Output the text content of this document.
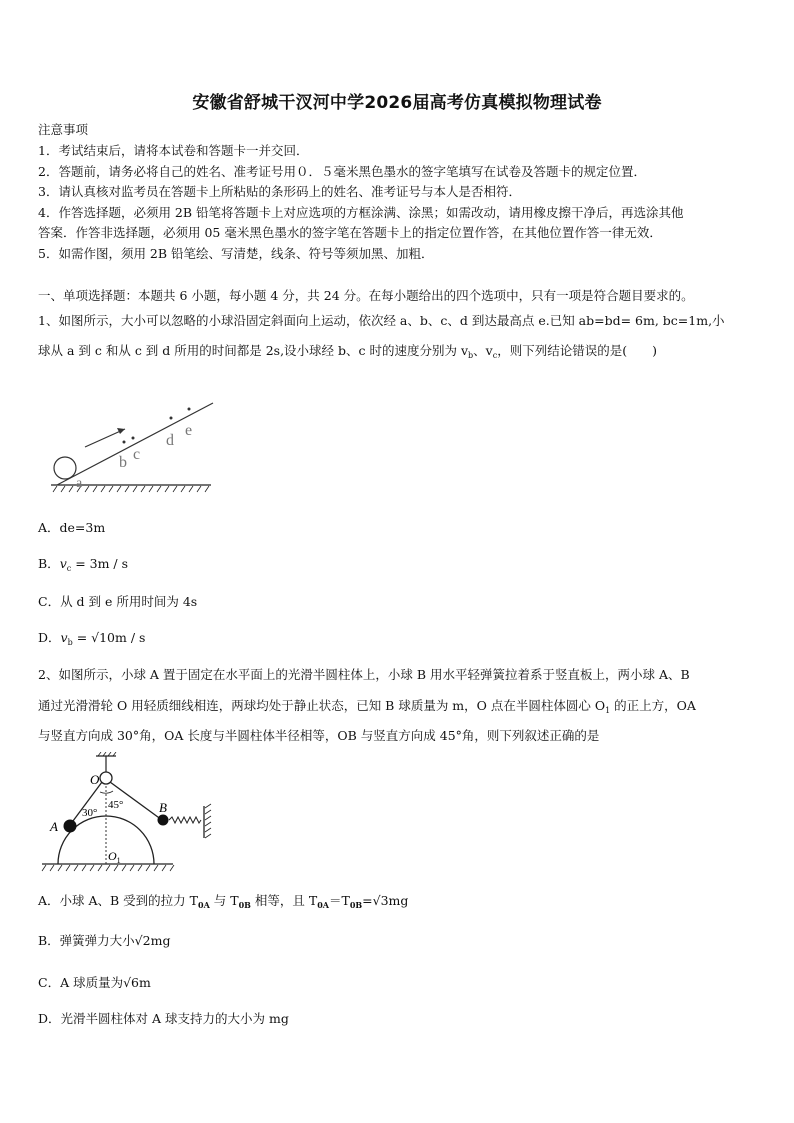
安徽省舒城干汊河中学2026届高考仿真模拟物理试卷
注意事项
1．考试结束后，请将本试卷和答题卡一并交回．
2．答题前，请务必将自己的姓名、准考证号用０．５毫米黑色墨水的签字笔填写在试卷及答题卡的规定位置．
3．请认真核对监考员在答题卡上所粘贴的条形码上的姓名、准考证号与本人是否相符．
4．作答选择题，必须用 2B 铅笔将答题卡上对应选项的方框涂满、涂黑；如需改动，请用橡皮擦干净后，再选涂其他
答案．作答非选择题，必须用 05 毫米黑色墨水的签字笔在答题卡上的指定位置作答，在其他位置作答一律无效．
5．如需作图，须用 2B 铅笔绘、写清楚，线条、符号等须加黑、加粗．
一、单项选择题：本题共 6 小题，每小题 4 分，共 24 分。在每小题给出的四个选项中，只有一项是符合题目要求的。
1、如图所示，大小可以忽略的小球沿固定斜面向上运动，依次经 a、b、c、d 到达最高点 e.已知 ab=bd= 6m, bc=1m,小
球从 a 到 c 和从 c 到 d 所用的时间都是 2s,设小球经 b、c 时的速度分别为 $v_b$、$v_c$，则下列结论错误的是(　　)
a
b c
d
e
A．de=3m
B．$v_c = 3m / s$
C．从 d 到 e 所用时间为 4s
D．$v_b = √10m / s$
2、如图所示，小球 A 置于固定在水平面上的光滑半圆柱体上，小球 B 用水平轻弹簧拉着系于竖直板上，两小球 A、B
通过光滑滑轮 O 用轻质细线相连，两球均处于静止状态，已知 B 球质量为 m，O 点在半圆柱体圆心 $O_1$ 的正上方，OA
与竖直方向成 30°角，OA 长度与半圆柱体半径相等，OB 与竖直方向成 45°角，则下列叙述正确的是
O
A
B
30°
45°
$O_1$
A．小球 A、B 受到的拉力 $T_{0A}$ 与 $T_{0B}$ 相等，且 $T_{0A}=T_{0B}=√3mg$
B．弹簧弹力大小√2mg
C．A 球质量为√6m
D．光滑半圆柱体对 A 球支持力的大小为 mg
